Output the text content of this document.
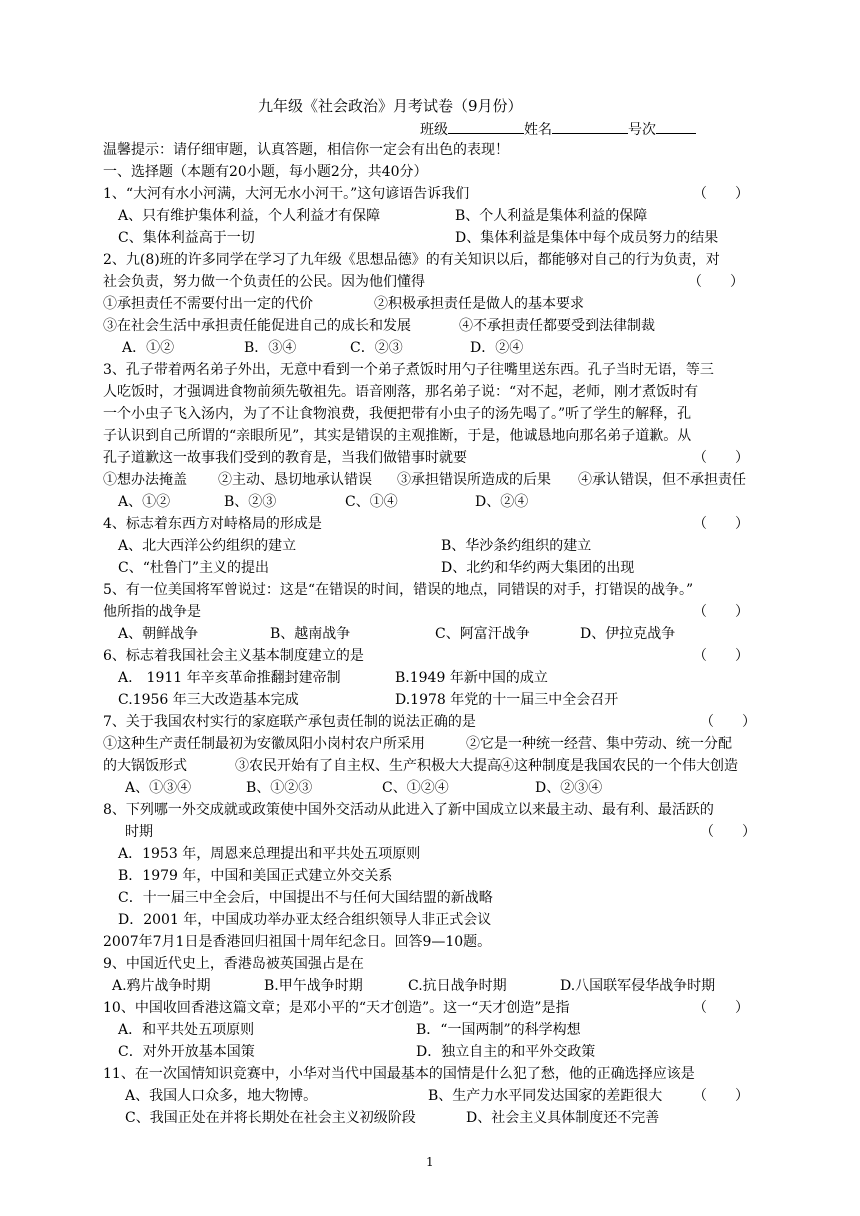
九年级《社会政治》月考试卷（9月份）
班级	姓名	号次
温馨提示：请仔细审题，认真答题，相信你一定会有出色的表现！
一、选择题（本题有20小题，每小题2分，共40分）
1、“大河有水小河满，大河无水小河干。”这句谚语告诉我们	（　　）
A、只有维护集体利益，个人利益才有保障	B、个人利益是集体利益的保障
C、集体利益高于一切	D、集体利益是集体中每个成员努力的结果
2、九(8)班的许多同学在学习了九年级《思想品德》的有关知识以后，都能够对自己的行为负责，对
社会负责，努力做一个负责任的公民。因为他们懂得	（　　）
①承担责任不需要付出一定的代价	②积极承担责任是做人的基本要求
③在社会生活中承担责任能促进自己的成长和发展	④不承担责任都要受到法律制裁
A．①②	B．③④	C．②③	D．②④
3、孔子带着两名弟子外出，无意中看到一个弟子煮饭时用勺子往嘴里送东西。孔子当时无语，等三
人吃饭时，才强调进食物前须先敬祖先。语音刚落，那名弟子说：“对不起，老师，刚才煮饭时有
一个小虫子飞入汤内，为了不让食物浪费，我便把带有小虫子的汤先喝了。”听了学生的解释，孔
子认识到自己所谓的“亲眼所见”，其实是错误的主观推断，于是，他诚恳地向那名弟子道歉。从
孔子道歉这一故事我们受到的教育是，当我们做错事时就要	（　　）
①想办法掩盖 ②主动、恳切地承认错误 ③承担错误所造成的后果 ④承认错误，但不承担责任
A、①②	B、②③	C、①④	D、②④
4、标志着东西方对峙格局的形成是	（　　）
A、北大西洋公约组织的建立	B、华沙条约组织的建立
C、“杜鲁门”主义的提出	D、北约和华约两大集团的出现
5、有一位美国将军曾说过：这是“在错误的时间，错误的地点，同错误的对手，打错误的战争。”
他所指的战争是	（　　）
A、朝鲜战争	B、越南战争	C、阿富汗战争	D、伊拉克战争
6、标志着我国社会主义基本制度建立的是	（　　）
A.　1911 年辛亥革命推翻封建帝制	B.1949 年新中国的成立
C.1956 年三大改造基本完成	D.1978 年党的十一届三中全会召开
7、关于我国农村实行的家庭联产承包责任制的说法正确的是	（　　）
①这种生产责任制最初为安徽凤阳小岗村农户所采用	②它是一种统一经营、集中劳动、统一分配
的大锅饭形式	③农民开始有了自主权、生产积极大大提高 ④这种制度是我国农民的一个伟大创造
A、①③④	B、①②③	C、①②④	D、②③④
8、下列哪一外交成就或政策使中国外交活动从此进入了新中国成立以来最主动、最有利、最活跃的
时期	（　　）
A．1953 年，周恩来总理提出和平共处五项原则
B．1979 年，中国和美国正式建立外交关系
C．十一届三中全会后，中国提出不与任何大国结盟的新战略
D．2001 年，中国成功举办亚太经合组织领导人非正式会议
2007年7月1日是香港回归祖国十周年纪念日。回答9—10题。
9、中国近代史上，香港岛被英国强占是在
A.鸦片战争时期	B.甲午战争时期	C.抗日战争时期	D.八国联军侵华战争时期
10、中国收回香港这篇文章；是邓小平的“天才创造”。这一“天才创造”是指	（　　）
A．和平共处五项原则	B．“一国两制”的科学构想
C．对外开放基本国策	D．独立自主的和平外交政策
11、在一次国情知识竞赛中，小华对当代中国最基本的国情是什么犯了愁，他的正确选择应该是
A、我国人口众多，地大物博。	B、生产力水平同发达国家的差距很大 （　　）
C、我国正处在并将长期处在社会主义初级阶段	D、社会主义具体制度还不完善
1
